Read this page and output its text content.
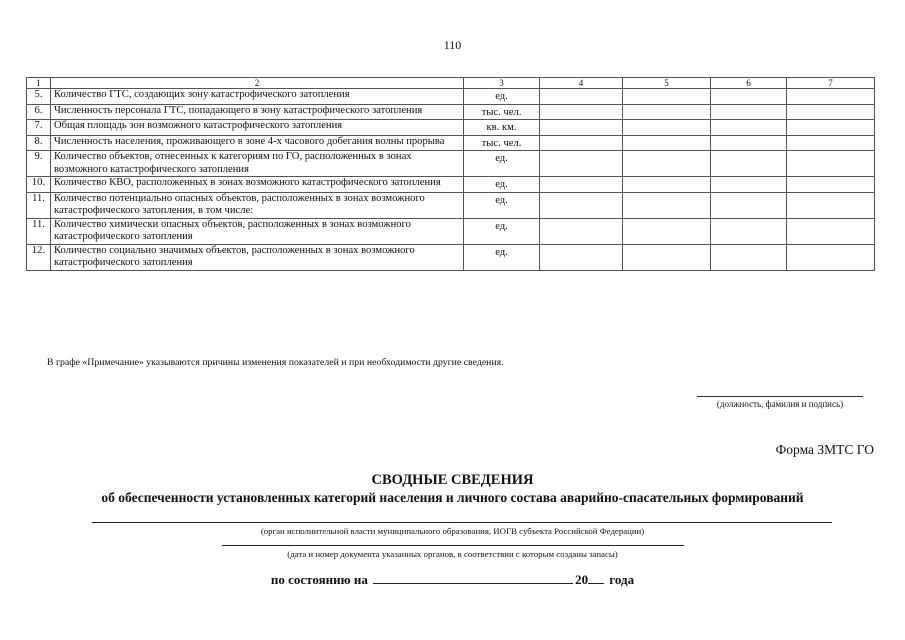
110
1	2	3	4	5	6	7
5.	Количество ГТС, создающих зону катастрофического затопления	ед.				
6.	Численность персонала ГТС, попадающего в зону катастрофического затопления	тыс. чел.				
7.	Общая площадь зон возможного катастрофического затопления	кв. км.				
8.	Численность населения, проживающего в зоне 4-х часового добегания волны прорыва	тыс. чел.				
9.	Количество объектов, отнесенных к категориям по ГО, расположенных в зонах возможного катастрофического затопления	ед.				
10.	Количество КВО, расположенных в зонах возможного катастрофического затопления	ед.				
11.	Количество потенциально опасных объектов, расположенных в зонах возможного катастрофического затопления, в том числе:	ед.				
11.	Количество химически опасных объектов, расположенных в зонах возможного катастрофического затопления	ед.				
12.	Количество социально значимых объектов, расположенных в зонах возможного катастрофического затопления	ед.				
В графе «Примечание» указываются причины изменения показателей и при необходимости другие сведения.
(должность, фамилия и подпись)
Форма ЗМТС ГО
СВОДНЫЕ СВЕДЕНИЯ
об обеспеченности установленных категорий населения и личного состава аварийно-спасательных формирований
(орган исполнительной власти муниципального образования, ИОГВ субъекта Российской Федерации)
(дата и номер документа указанных органов, в соответствии с которым созданы запасы)
по состоянию на	20 года
